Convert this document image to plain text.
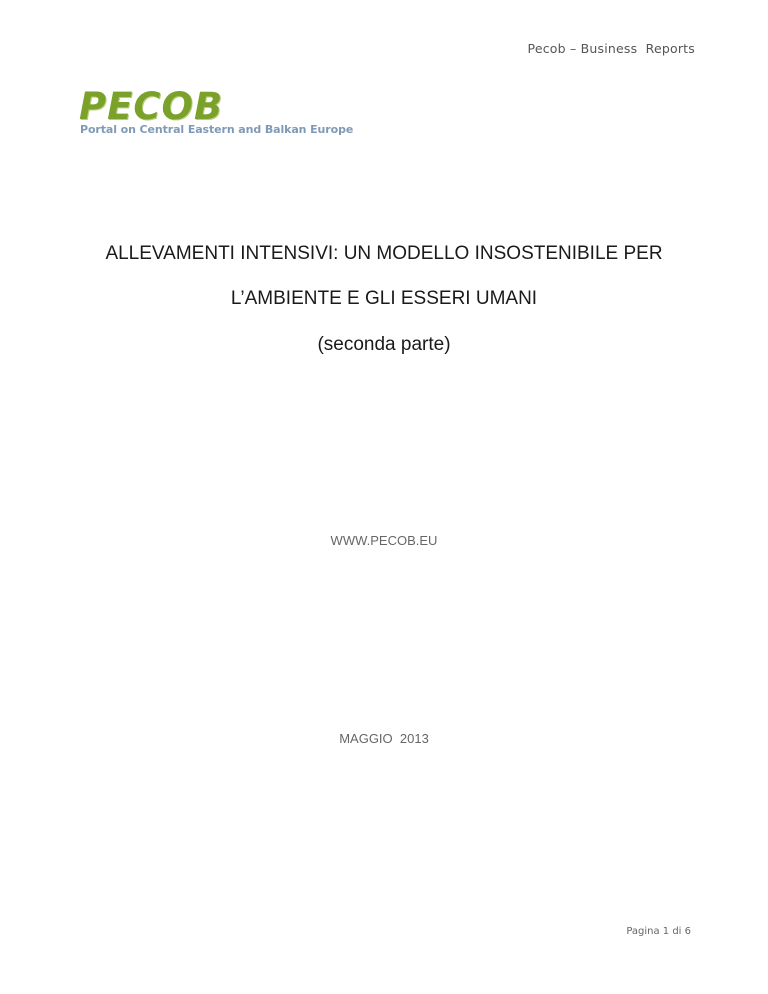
Pecob – Business  Reports
PECOB
Portal on Central Eastern and Balkan Europe
ALLEVAMENTI INTENSIVI: UN MODELLO INSOSTENIBILE PER
L’AMBIENTE E GLI ESSERI UMANI
(seconda parte)
WWW.PECOB.EU
MAGGIO  2013
Pagina 1 di 6
